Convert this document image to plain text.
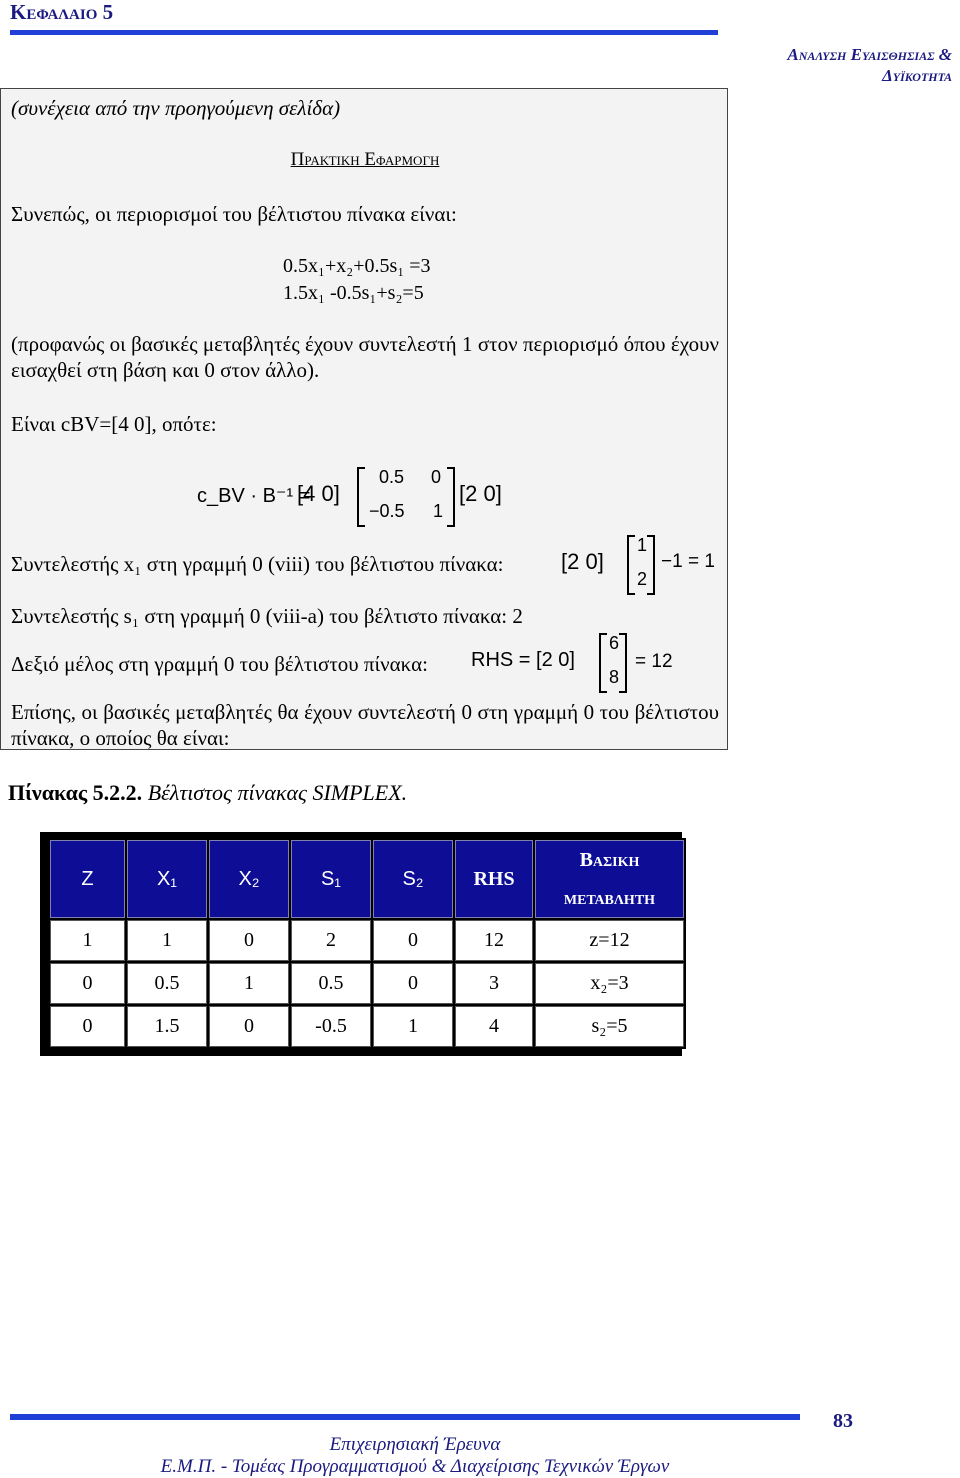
Κεφαλαιο 5
Αναλυση Ευαισθησιας & Δυϊκοτητα
(συνέχεια από την προηγούμενη σελίδα)
Πρακτικη Εφαρμογη
Συνεπώς, οι περιορισμοί του βέλτιστου πίνακα είναι:
0.5x₁+x₂+0.5s₁ =3
1.5x₁ -0.5s₁+s₂=5
(προφανώς οι βασικές μεταβλητές έχουν συντελεστή 1 στον περιορισμό όπου έχουν εισαχθεί στη βάση και 0 στον άλλο).
Είναι cBV=[4 0], οπότε:
c_BV · B⁻¹ =
[4 0]
0.5 0
−0.5 1
[2 0]
Συντελεστής x₁ στη γραμμή 0 (viii) του βέλτιστου πίνακα:	[2 0]
1
2
−1 = 1
Συντελεστής s₁ στη γραμμή 0 (viii-a) του βέλτιστο πίνακα: 2
Δεξιό μέλος στη γραμμή 0 του βέλτιστου πίνακα: RHS = [2 0]
6
8
= 12
Επίσης, οι βασικές μεταβλητές θα έχουν συντελεστή 0 στη γραμμή 0 του βέλτιστου πίνακα, ο οποίος θα είναι:
Πίνακας 5.2.2. Βέλτιστος πίνακας SIMPLEX.
Z	X₁	X₂	S₁	S₂	RHS	Βασικη
μεταβλητη

1	1	0	2	0	12	z=12
0	0.5	1	0.5	0	3	x₂=3
0	1.5	0	-0.5	1	4	s₂=5
83
Επιχειρησιακή Έρευνα
Ε.Μ.Π. - Τομέας Προγραμματισμού & Διαχείρισης Τεχνικών Έργων
